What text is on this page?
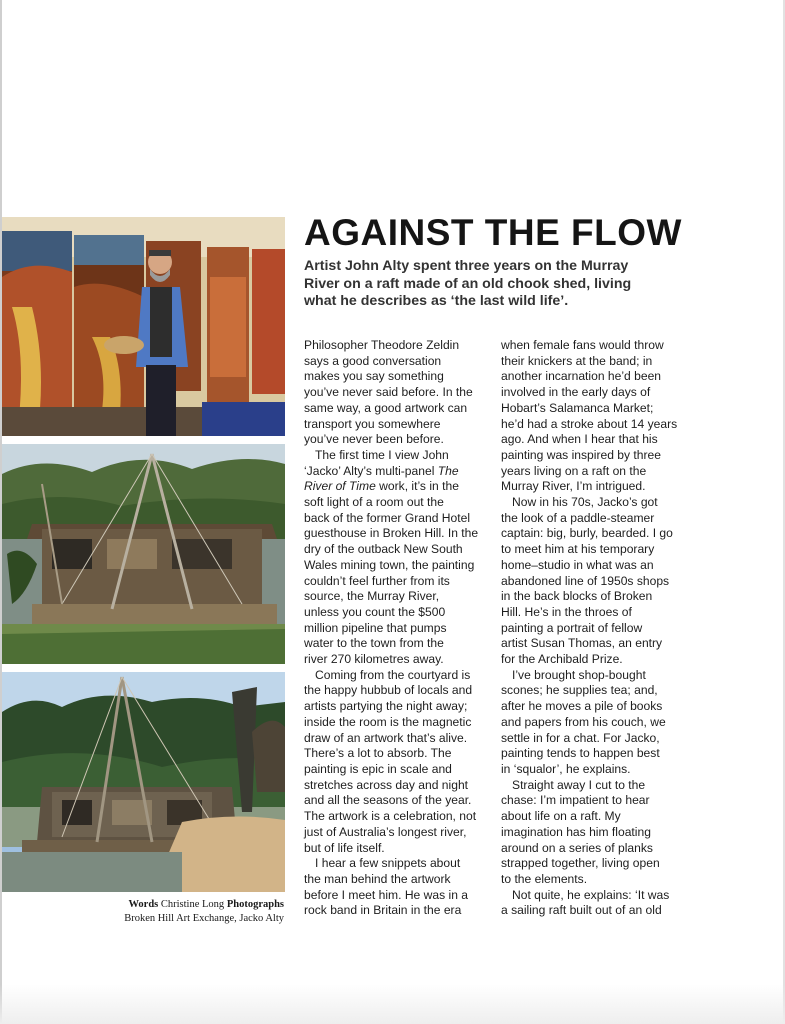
Words Christine Long Photographs
Broken Hill Art Exchange, Jacko Alty
AGAINST THE FLOW

Artist John Alty spent three years on the Murray
River on a raft made of an old chook shed, living
what he describes as ‘the last wild life’.

Philosopher Theodore Zeldin
says a good conversation
makes you say something
you’ve never said before. In the
same way, a good artwork can
transport you somewhere
you’ve never been before.

The first time I view John
‘Jacko’ Alty’s multi-panel The
River of Time work, it’s in the
soft light of a room out the
back of the former Grand Hotel
guesthouse in Broken Hill. In the
dry of the outback New South
Wales mining town, the painting
couldn’t feel further from its
source, the Murray River,
unless you count the $500
million pipeline that pumps
water to the town from the
river 270 kilometres away.

Coming from the courtyard is
the happy hubbub of locals and
artists partying the night away;
inside the room is the magnetic
draw of an artwork that’s alive.
There’s a lot to absorb. The
painting is epic in scale and
stretches across day and night
and all the seasons of the year.
The artwork is a celebration, not
just of Australia’s longest river,
but of life itself.

I hear a few snippets about
the man behind the artwork
before I meet him. He was in a
rock band in Britain in the era

when female fans would throw
their knickers at the band; in
another incarnation he’d been
involved in the early days of
Hobart’s Salamanca Market;
he’d had a stroke about 14 years
ago. And when I hear that his
painting was inspired by three
years living on a raft on the
Murray River, I’m intrigued.

Now in his 70s, Jacko’s got
the look of a paddle-steamer
captain: big, burly, bearded. I go
to meet him at his temporary
home–studio in what was an
abandoned line of 1950s shops
in the back blocks of Broken
Hill. He’s in the throes of
painting a portrait of fellow
artist Susan Thomas, an entry
for the Archibald Prize.

I’ve brought shop-bought
scones; he supplies tea; and,
after he moves a pile of books
and papers from his couch, we
settle in for a chat. For Jacko,
painting tends to happen best
in ‘squalor’, he explains.

Straight away I cut to the
chase: I’m impatient to hear
about life on a raft. My
imagination has him floating
around on a series of planks
strapped together, living open
to the elements.

Not quite, he explains: ‘It was
a sailing raft built out of an old
